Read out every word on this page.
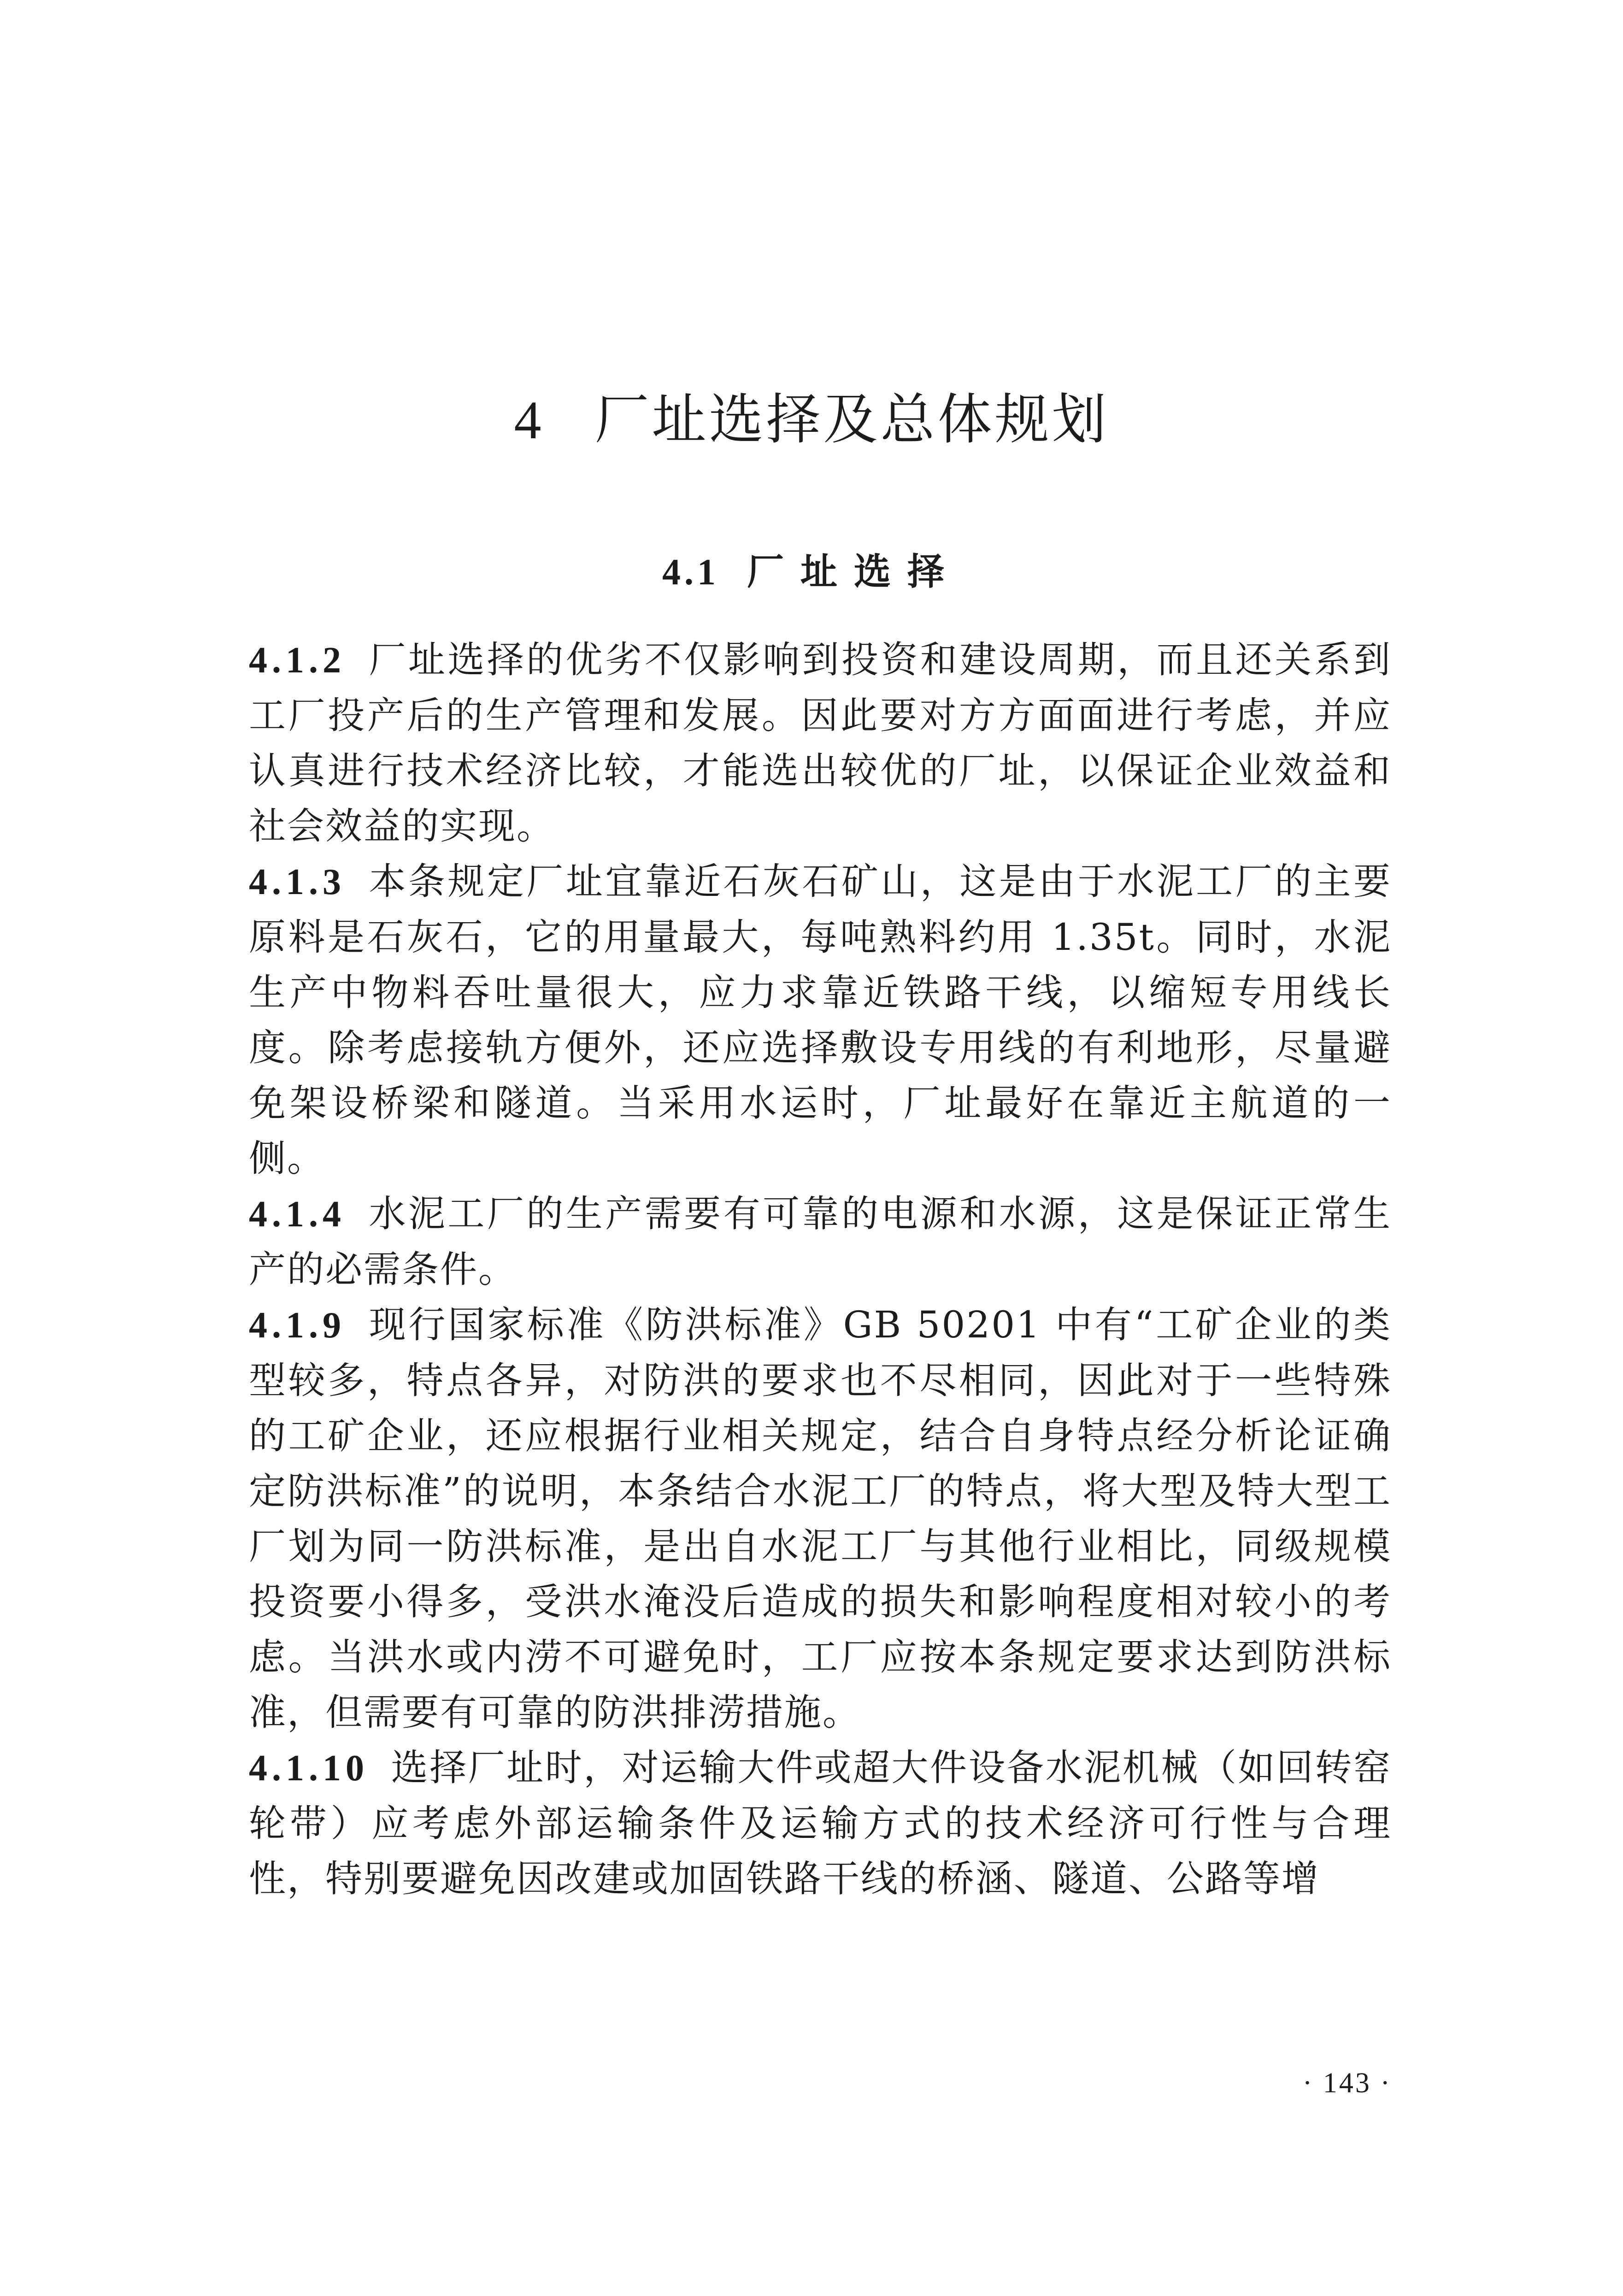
4 厂址选择及总体规划
4.1 厂址选择

4.1.2 厂址选择的优劣不仅影响到投资和建设周期，而且还关系到工厂投产后的生产管理和发展。因此要对方方面面进行考虑，并应认真进行技术经济比较，才能选出较优的厂址，以保证企业效益和社会效益的实现。

4.1.3 本条规定厂址宜靠近石灰石矿山，这是由于水泥工厂的主要原料是石灰石，它的用量最大，每吨熟料约用 1.35t。同时，水泥生产中物料吞吐量很大，应力求靠近铁路干线，以缩短专用线长度。除考虑接轨方便外，还应选择敷设专用线的有利地形，尽量避免架设桥梁和隧道。当采用水运时，厂址最好在靠近主航道的一侧。

4.1.4 水泥工厂的生产需要有可靠的电源和水源，这是保证正常生产的必需条件。

4.1.9 现行国家标准《防洪标准》GB 50201 中有“工矿企业的类型较多，特点各异，对防洪的要求也不尽相同，因此对于一些特殊的工矿企业，还应根据行业相关规定，结合自身特点经分析论证确定防洪标准”的说明，本条结合水泥工厂的特点，将大型及特大型工厂划为同一防洪标准，是出自水泥工厂与其他行业相比，同级规模投资要小得多，受洪水淹没后造成的损失和影响程度相对较小的考虑。当洪水或内涝不可避免时，工厂应按本条规定要求达到防洪标准，但需要有可靠的防洪排涝措施。

4.1.10 选择厂址时，对运输大件或超大件设备水泥机械（如回转窑轮带）应考虑外部运输条件及运输方式的技术经济可行性与合理性，特别要避免因改建或加固铁路干线的桥涵、隧道、公路等增

· 143 ·
